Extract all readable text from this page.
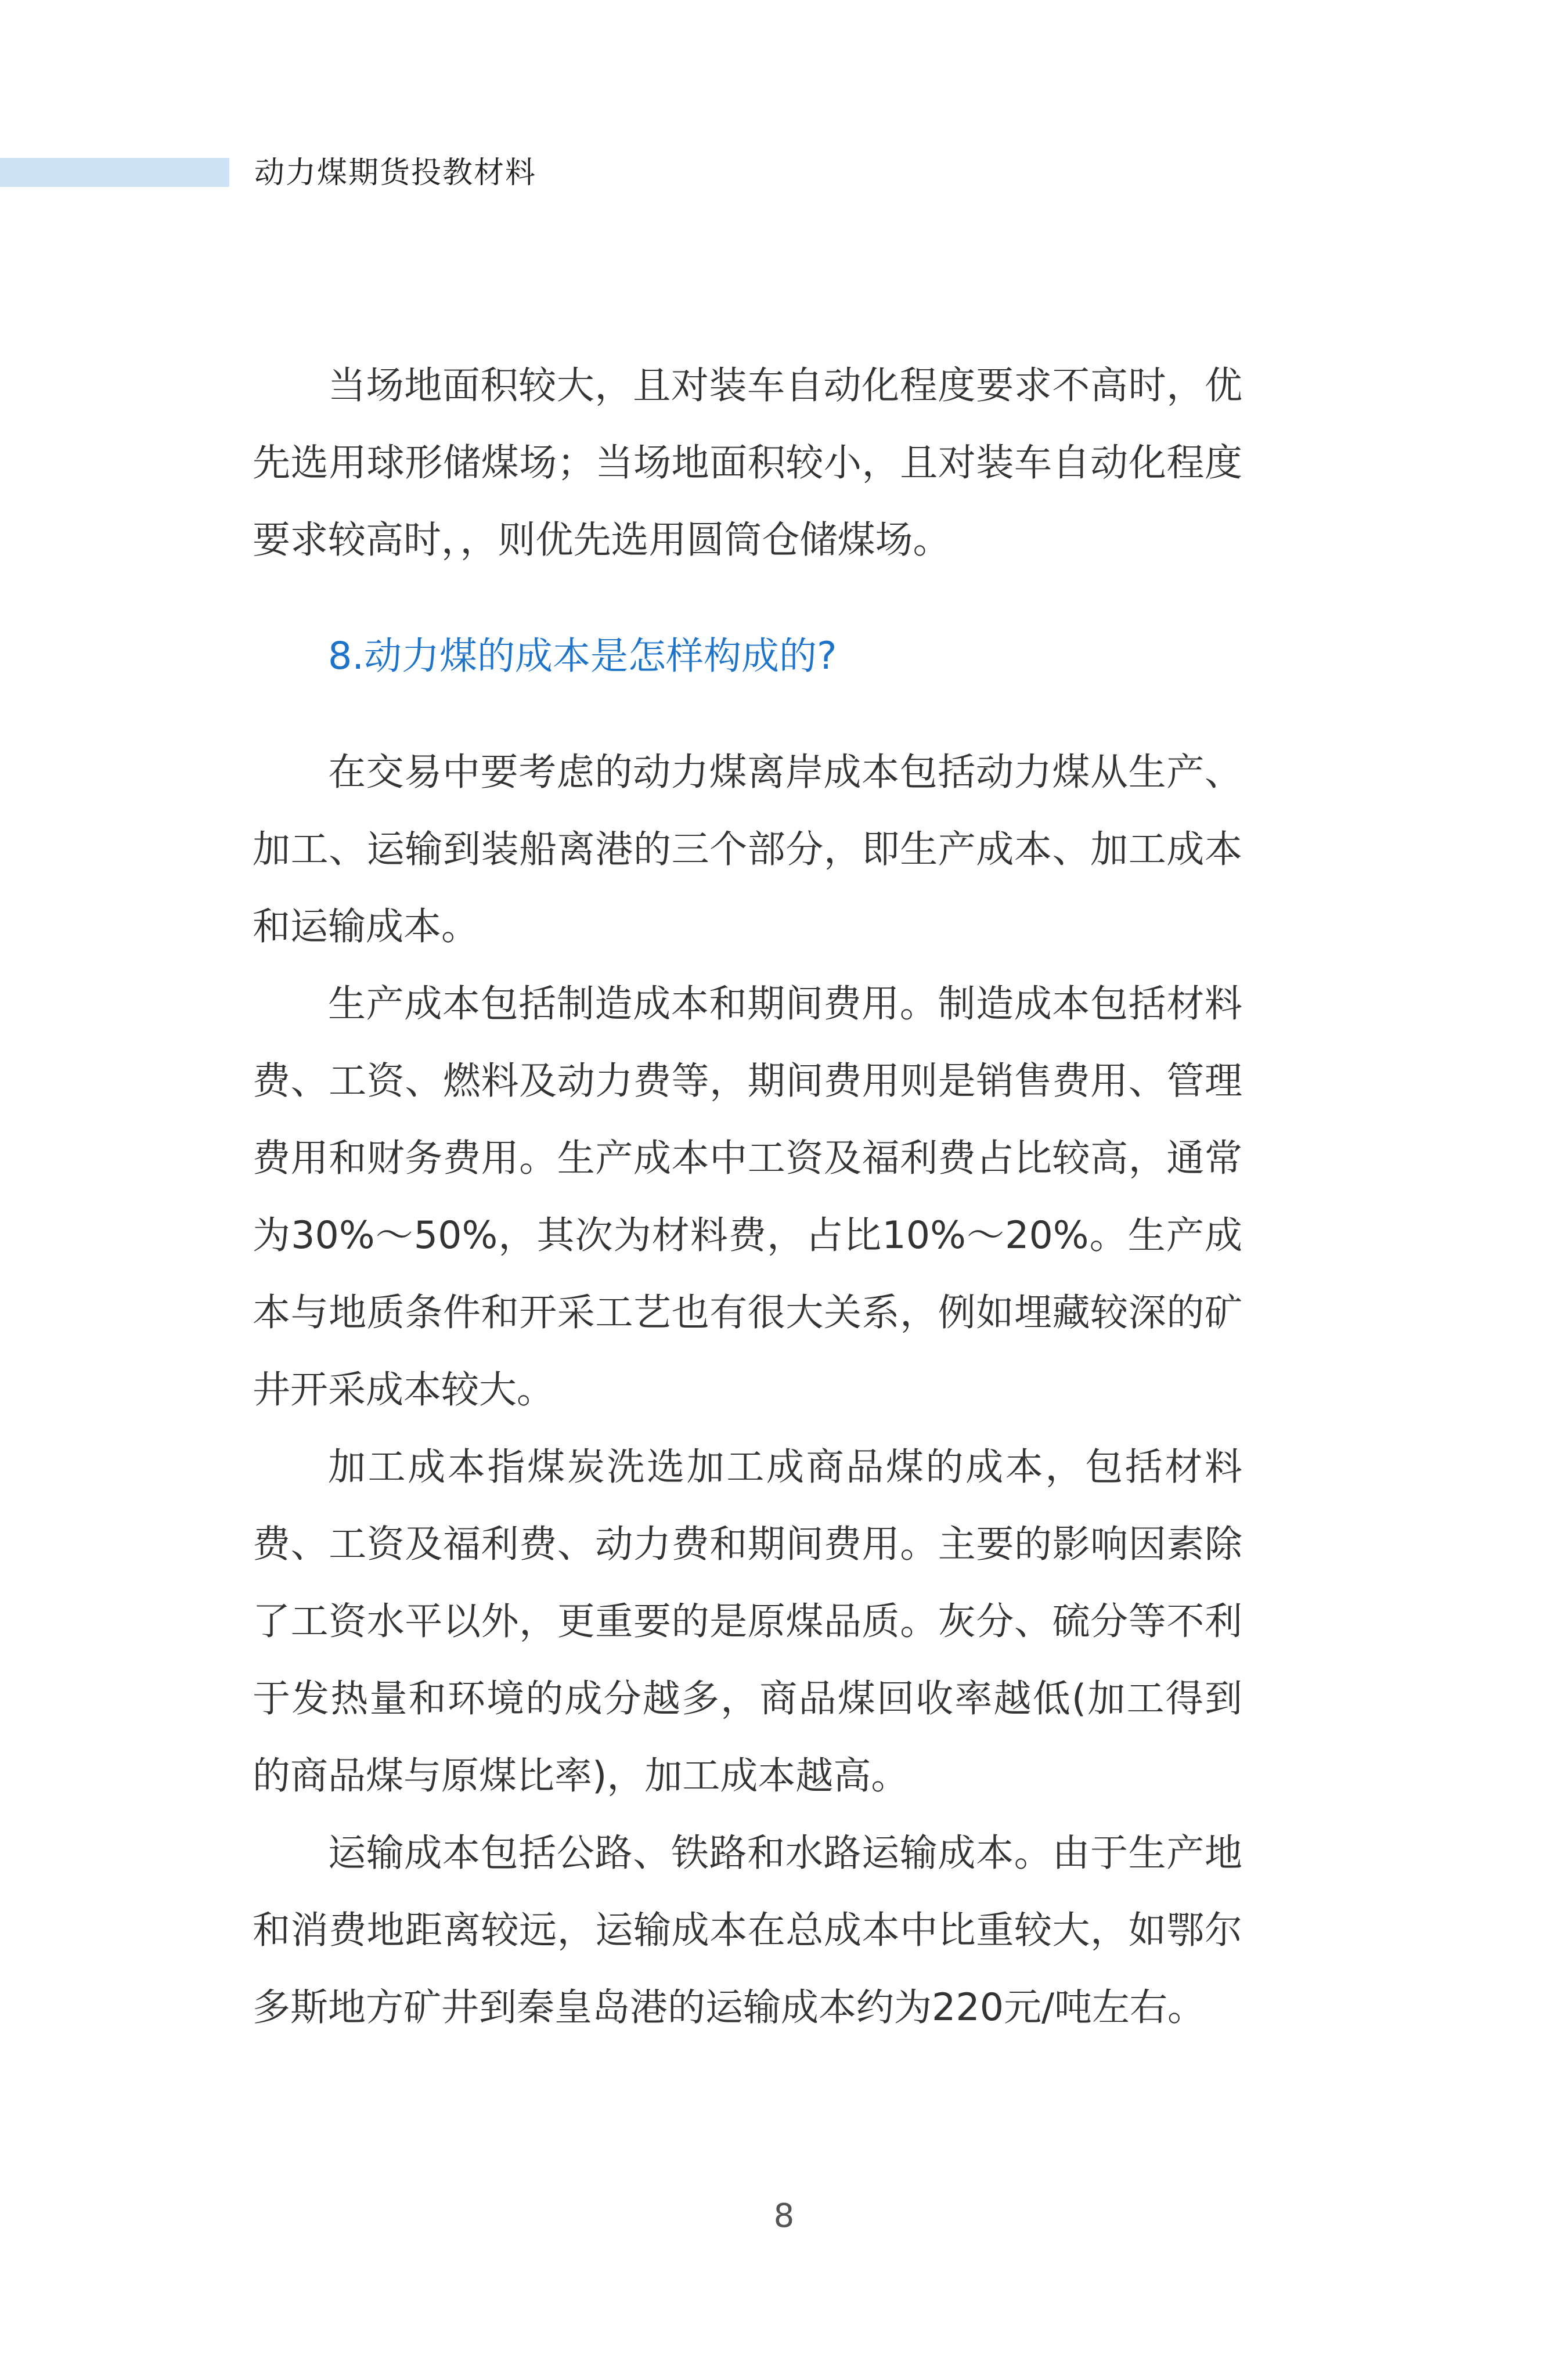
动力煤期货投教材料

当场地面积较大，且对装车自动化程度要求不高时，优先选用球形储煤场；当场地面积较小，且对装车自动化程度要求较高时，，则优先选用圆筒仓储煤场。

8.动力煤的成本是怎样构成的?

在交易中要考虑的动力煤离岸成本包括动力煤从生产、加工、运输到装船离港的三个部分，即生产成本、加工成本和运输成本。

生产成本包括制造成本和期间费用。制造成本包括材料费、工资、燃料及动力费等，期间费用则是销售费用、管理费用和财务费用。生产成本中工资及福利费占比较高，通常为30%～50%，其次为材料费，占比10%～20%。生产成本与地质条件和开采工艺也有很大关系，例如埋藏较深的矿井开采成本较大。

加工成本指煤炭洗选加工成商品煤的成本，包括材料费、工资及福利费、动力费和期间费用。主要的影响因素除了工资水平以外，更重要的是原煤品质。灰分、硫分等不利于发热量和环境的成分越多，商品煤回收率越低(加工得到的商品煤与原煤比率)，加工成本越高。

运输成本包括公路、铁路和水路运输成本。由于生产地和消费地距离较远，运输成本在总成本中比重较大，如鄂尔多斯地方矿井到秦皇岛港的运输成本约为220元/吨左右。

8
